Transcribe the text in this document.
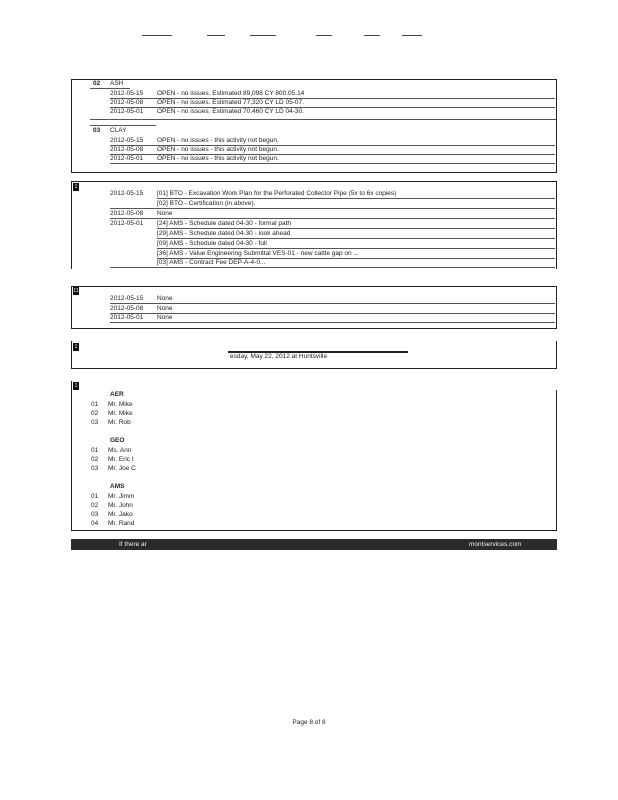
02 ASH
2012-05-15 OPEN - no issues. Estimated 89,098 CY 800.05.14
2012-05-08 OPEN - no issues. Estimated 77,320 CY LD 05-07.
2012-05-01 OPEN - no issues. Estimated 70,460 CY LD 04-30.
03 CLAY
2012-05-15 OPEN - no issues - this activity not begun.
2012-05-08 OPEN - no issues - this activity not begun.
2012-05-01 OPEN - no issues - this activity not begun.
1
2012-05-15 [01] BTO - Excavation Work Plan for the Perforated Collector Pipe (5x to 6x copies)
[02] BTO - Certification (in above).
2012-05-08 None
2012-05-01 [24] AMS - Schedule dated 04-30 - formal path
[29] AMS - Schedule dated 04-30 - look ahead
[09] AMS - Schedule dated 04-30 - full
[36] AMS - Value Engineering Submittal VES-01 - new cattle gap on ...
[03] AMS - Contract Fee DEP-A-4-0...
11
2012-05-15 None
2012-05-08 None
2012-05-01 None
1
esday, May 22, 2012 at Huntsville
1
AER
01 Mr. Mike
02 Mr. Mike
03 Mr. Rob
GEO
01 Ms. Ann
02 Mr. Eric I
03 Mr. Joe C
AMS
01 Mr. Jimm
02 Mr. John
03 Mr. Jako
04 Mr. Rand
If there ar	montservices.com
Page 8 of 8
